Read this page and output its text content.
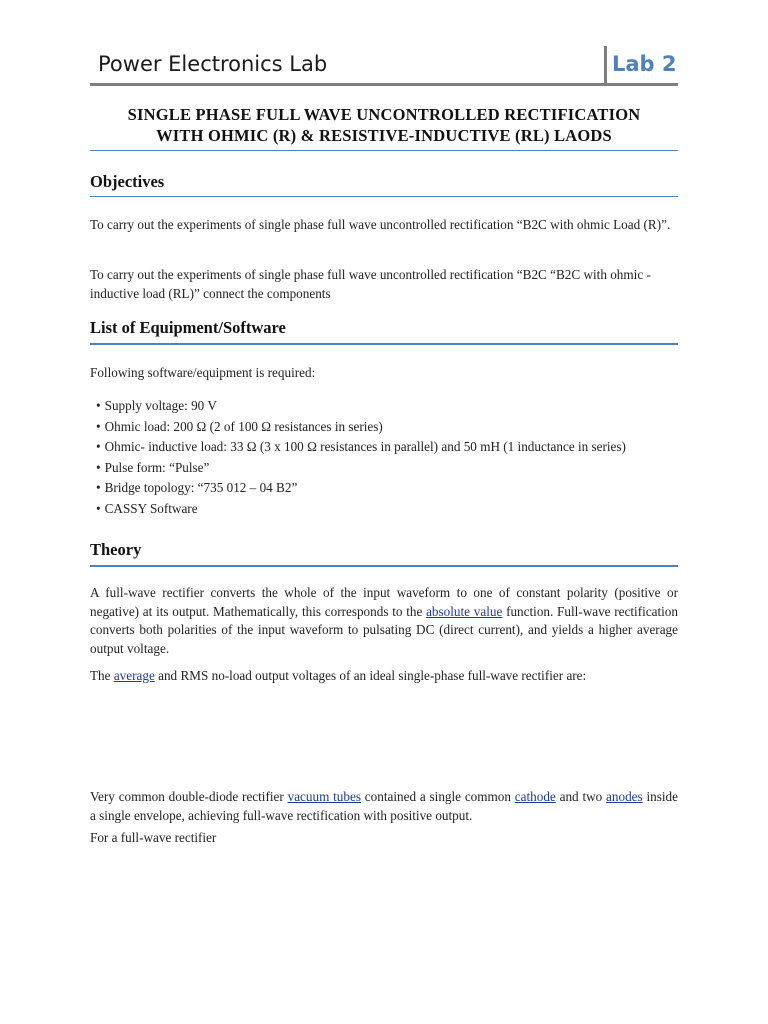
Power Electronics Lab	Lab 2
SINGLE PHASE FULL WAVE UNCONTROLLED RECTIFICATION
WITH OHMIC (R) & RESISTIVE-INDUCTIVE (RL) LAODS
Objectives
To carry out the experiments of single phase full wave uncontrolled rectification “B2C with ohmic Load (R)”.
To carry out the experiments of single phase full wave uncontrolled rectification “B2C “B2C with ohmic - inductive load (RL)” connect the components
List of Equipment/Software
Following software/equipment is required:
• Supply voltage: 90 V
• Ohmic load: 200 Ω (2 of 100 Ω resistances in series)
• Ohmic- inductive load: 33 Ω (3 x 100 Ω resistances in parallel) and 50 mH (1 inductance in series)
• Pulse form: “Pulse”
• Bridge topology: “735 012 – 04 B2”
• CASSY Software
Theory
A full-wave rectifier converts the whole of the input waveform to one of constant polarity (positive or negative) at its output. Mathematically, this corresponds to the absolute value function. Full-wave rectification converts both polarities of the input waveform to pulsating DC (direct current), and yields a higher average output voltage.
The average and RMS no-load output voltages of an ideal single-phase full-wave rectifier are:
Very common double-diode rectifier vacuum tubes contained a single common cathode and two anodes inside a single envelope, achieving full-wave rectification with positive output.
For a full-wave rectifier
